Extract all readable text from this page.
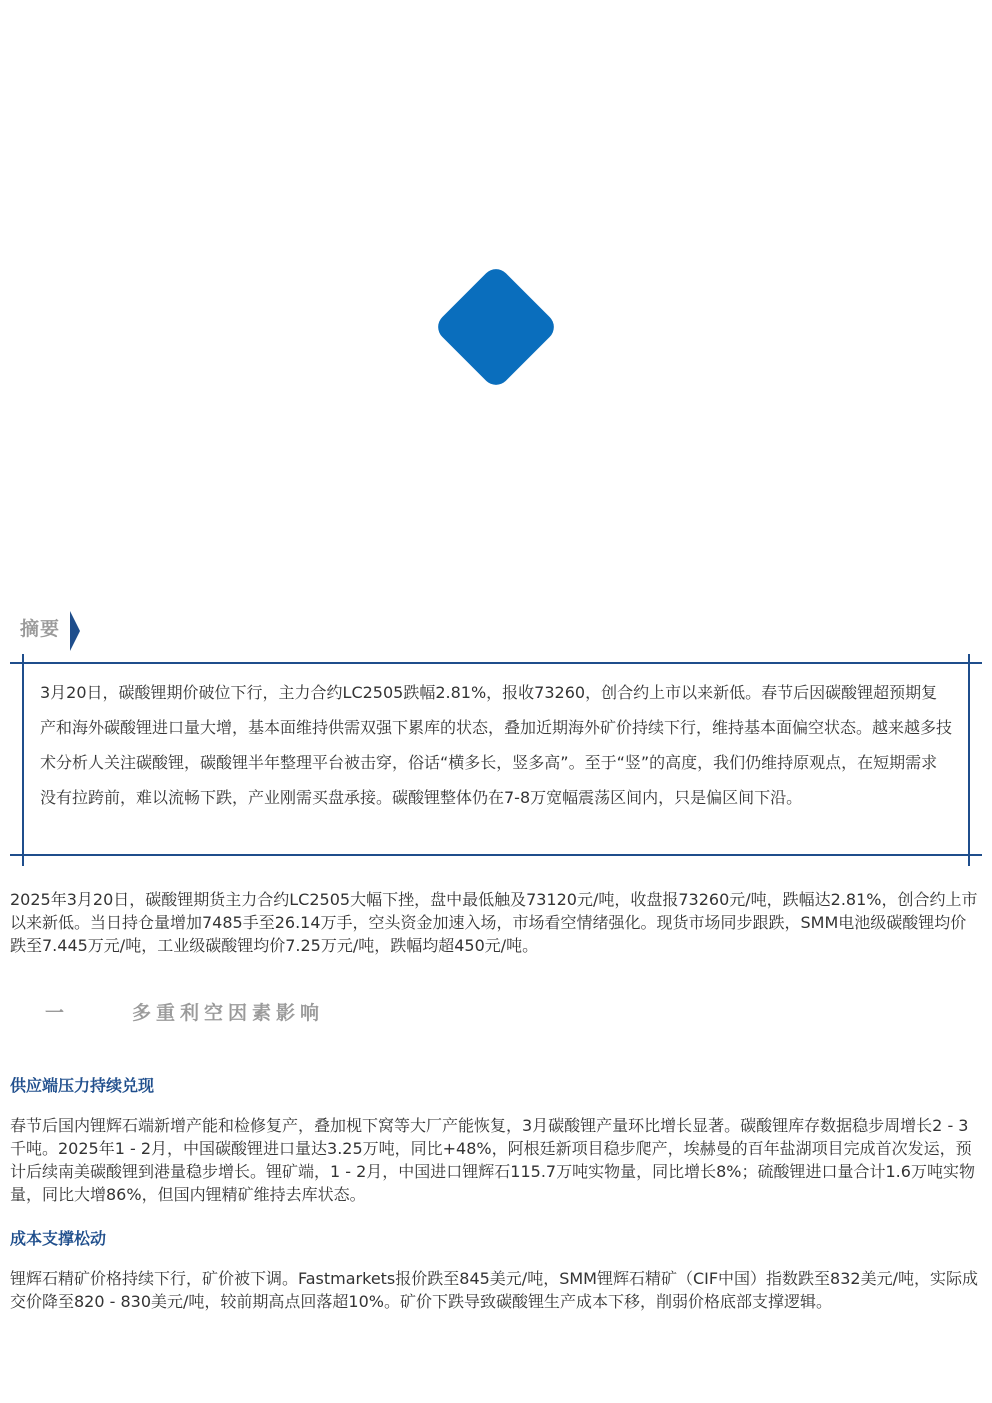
摘要
3月20日，碳酸锂期价破位下行，主力合约LC2505跌幅2.81%，报收73260，创合约上市以来新低。春节后因碳酸锂超预期复产和海外碳酸锂进口量大增，基本面维持供需双强下累库的状态，叠加近期海外矿价持续下行，维持基本面偏空状态。越来越多技术分析人关注碳酸锂，碳酸锂半年整理平台被击穿，俗话“横多长，竖多高”。至于“竖”的高度，我们仍维持原观点，在短期需求没有拉跨前，难以流畅下跌，产业刚需买盘承接。碳酸锂整体仍在7-8万宽幅震荡区间内，只是偏区间下沿。
2025年3月20日，碳酸锂期货主力合约LC2505大幅下挫，盘中最低触及73120元/吨，收盘报73260元/吨，跌幅达2.81%，创合约上市以来新低。当日持仓量增加7485手至26.14万手，空头资金加速入场，市场看空情绪强化。现货市场同步跟跌，SMM电池级碳酸锂均价跌至7.445万元/吨，工业级碳酸锂均价7.25万元/吨，跌幅均超450元/吨。
一	多重利空因素影响
供应端压力持续兑现
春节后国内锂辉石端新增产能和检修复产，叠加枧下窝等大厂产能恢复，3月碳酸锂产量环比增长显著。碳酸锂库存数据稳步周增长2 - 3千吨。2025年1 - 2月，中国碳酸锂进口量达3.25万吨，同比+48%，阿根廷新项目稳步爬产，埃赫曼的百年盐湖项目完成首次发运，预计后续南美碳酸锂到港量稳步增长。锂矿端，1 - 2月，中国进口锂辉石115.7万吨实物量，同比增长8%；硫酸锂进口量合计1.6万吨实物量，同比大增86%，但国内锂精矿维持去库状态。
成本支撑松动
锂辉石精矿价格持续下行，矿价被下调。Fastmarkets报价跌至845美元/吨，SMM锂辉石精矿（CIF中国）指数跌至832美元/吨，实际成交价降至820 - 830美元/吨，较前期高点回落超10%。矿价下跌导致碳酸锂生产成本下移，削弱价格底部支撑逻辑。
